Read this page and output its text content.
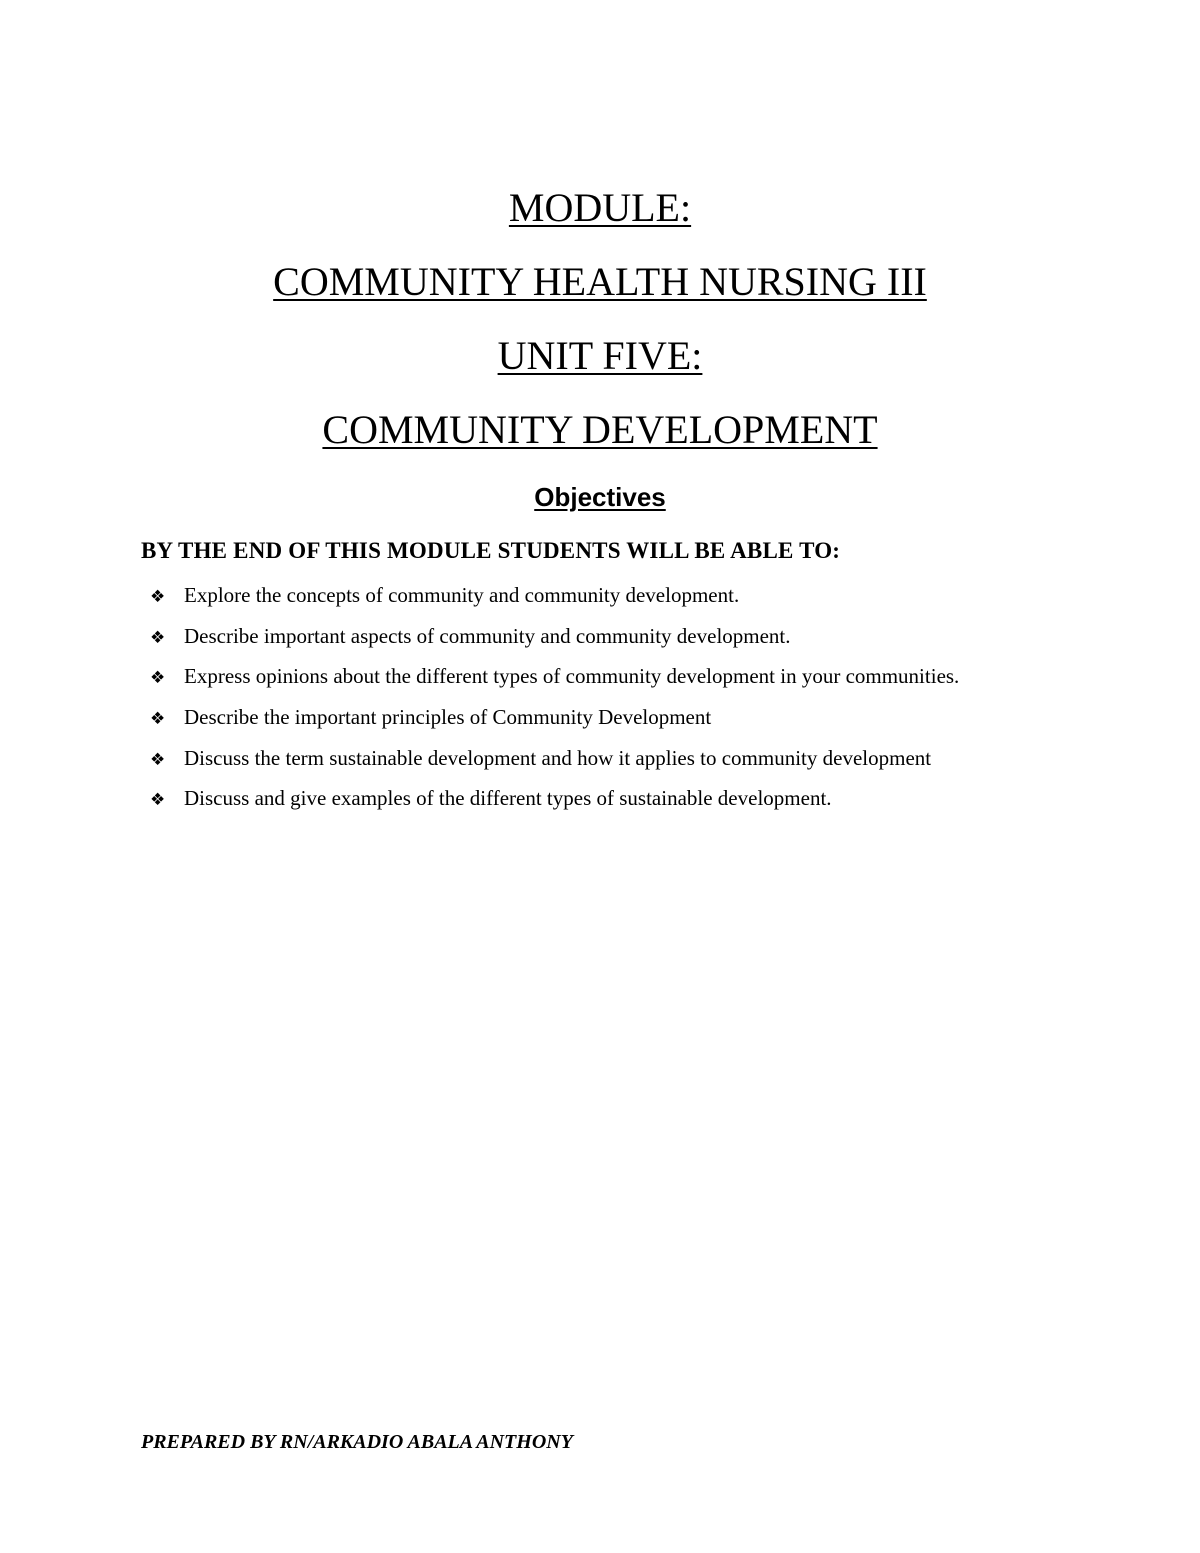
MODULE:
COMMUNITY HEALTH NURSING III
UNIT FIVE:
COMMUNITY DEVELOPMENT
Objectives
BY THE END OF THIS MODULE STUDENTS WILL BE ABLE TO:
❖ Explore the concepts of community and community development.
❖ Describe important aspects of community and community development.
❖ Express opinions about the different types of community development in your communities.
❖ Describe the important principles of Community Development
❖ Discuss the term sustainable development and how it applies to community development
❖ Discuss and give examples of the different types of sustainable development.
PREPARED BY RN/ARKADIO ABALA ANTHONY
